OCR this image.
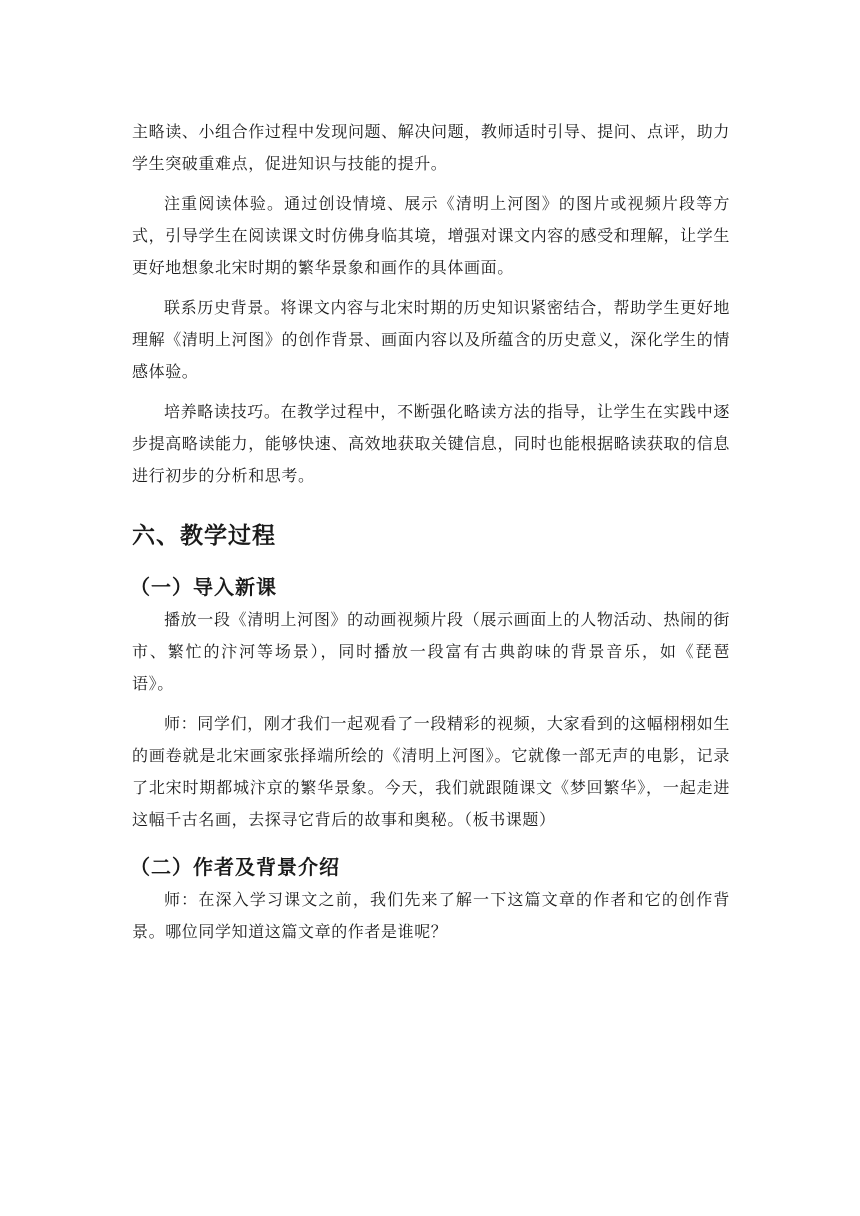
主略读、小组合作过程中发现问题、解决问题，教师适时引导、提问、点评，助力学生突破重难点，促进知识与技能的提升。

注重阅读体验。通过创设情境、展示《清明上河图》的图片或视频片段等方式，引导学生在阅读课文时仿佛身临其境，增强对课文内容的感受和理解，让学生更好地想象北宋时期的繁华景象和画作的具体画面。

联系历史背景。将课文内容与北宋时期的历史知识紧密结合，帮助学生更好地理解《清明上河图》的创作背景、画面内容以及所蕴含的历史意义，深化学生的情感体验。

培养略读技巧。在教学过程中，不断强化略读方法的指导，让学生在实践中逐步提高略读能力，能够快速、高效地获取关键信息，同时也能根据略读获取的信息进行初步的分析和思考。

六、教学过程
（一）导入新课

播放一段《清明上河图》的动画视频片段（展示画面上的人物活动、热闹的街市、繁忙的汴河等场景），同时播放一段富有古典韵味的背景音乐，如《琵琶语》。

师：同学们，刚才我们一起观看了一段精彩的视频，大家看到的这幅栩栩如生的画卷就是北宋画家张择端所绘的《清明上河图》。它就像一部无声的电影，记录了北宋时期都城汴京的繁华景象。今天，我们就跟随课文《梦回繁华》，一起走进这幅千古名画，去探寻它背后的故事和奥秘。（板书课题）

（二）作者及背景介绍

师：在深入学习课文之前，我们先来了解一下这篇文章的作者和它的创作背景。哪位同学知道这篇文章的作者是谁呢？
